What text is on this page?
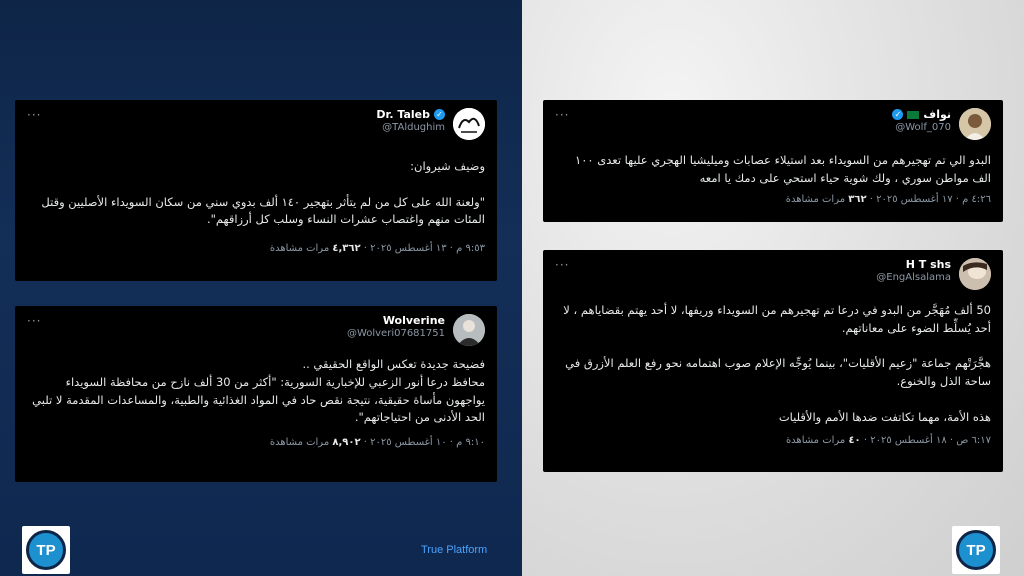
···	Dr. Taleb ✓
@TAldughim
وضيف شيروان:

"ولعنة الله على كل من لم يتأثر بتهجير ١٤٠ ألف بدوي سني من سكان السويداء الأصليين وقتل المئات منهم واغتصاب عشرات النساء وسلب كل أرزاقهم".
٩:٥٣ م · ١٣ أغسطس ٢٠٢٥ · ٤,٣٦٢ مرات مشاهدة
···	Wolverine
@Wolveri07681751
فضيحة جديدة تعكس الواقع الحقيقي ..
محافظ درعا أنور الزعبي للإخبارية السورية: "أكثر من 30 ألف نازح من محافظة السويداء يواجهون مأساة حقيقية، نتيجة نقص حاد في المواد الغذائية والطبية، والمساعدات المقدمة لا تلبي الحد الأدنى من احتياجاتهم".
٩:١٠ م · ١٠ أغسطس ٢٠٢٥ · ٨,٩٠٢ مرات مشاهدة
···	✓ نواف
@Wolf_070
البدو الي تم تهجيرهم من السويداء بعد استيلاء عصابات وميليشيا الهجري عليها تعدى ١٠٠ الف مواطن سوري ، ولك شوية حياء استحي على دمك يا امعه
٤:٢٦ م · ١٧ أغسطس ٢٠٢٥ · ٣٦٢ مرات مشاهدة
···	H T shs
@EngAlsalama
50 ألف مُهَجَّر من البدو في درعا تم تهجيرهم من السويداء وريفها، لا أحد يهتم بقضاياهم ، لا أحد يُسلِّط الضوء على معاناتهم.

هجَّرَتْهم جماعة "زعيم الأقليات"، بينما يُوجِّه الإعلام صوب اهتمامه نحو رفع العلم الأزرق في ساحة الذل والخنوع.

هذه الأمة، مهما تكاتفت ضدها الأمم والأقليات
٦:١٧ ص · ١٨ أغسطس ٢٠٢٥ · ٤٠ مرات مشاهدة
TP	True Platform	TP
